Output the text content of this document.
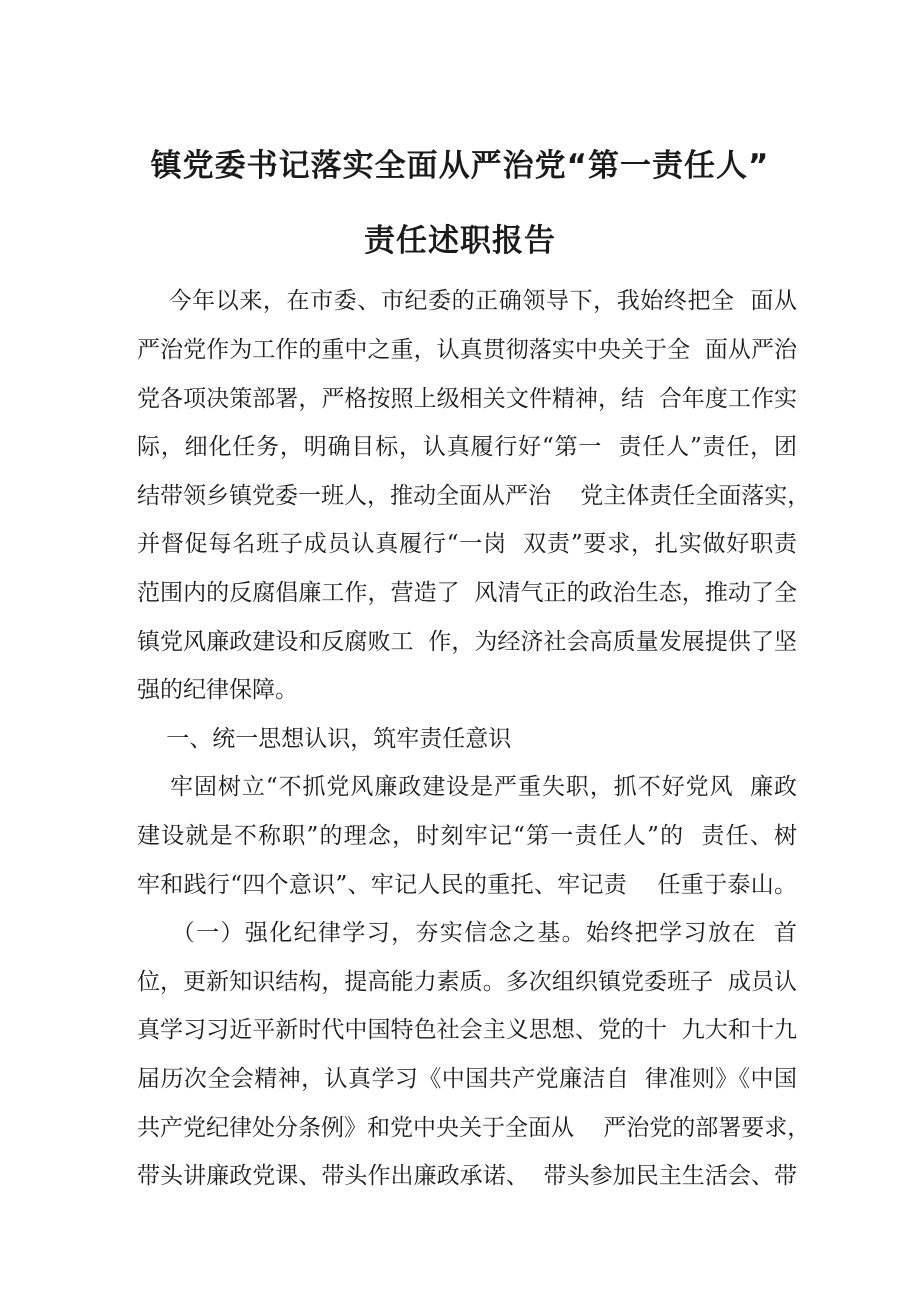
镇党委书记落实全面从严治党“第一责任人”
责任述职报告
今年以来，在市委、市纪委的正确领导下，我始终把全  面从
严治党作为工作的重中之重，认真贯彻落实中央关于全  面从严治
党各项决策部署，严格按照上级相关文件精神，结  合年度工作实
际，细化任务，明确目标，认真履行好“第一  责任人”责任，团
结带领乡镇党委一班人，推动全面从严治    党主体责任全面落实，
并督促每名班子成员认真履行“一岗  双责”要求，扎实做好职责
范围内的反腐倡廉工作，营造了  风清气正的政治生态，推动了全
镇党风廉政建设和反腐败工  作，为经济社会高质量发展提供了坚
强的纪律保障。
一、统一思想认识，筑牢责任意识
牢固树立“不抓党风廉政建设是严重失职，抓不好党风  廉政
建设就是不称职”的理念，时刻牢记“第一责任人”的  责任、树
牢和践行“四个意识”、牢记人民的重托、牢记责    任重于泰山。
（一）强化纪律学习，夯实信念之基。始终把学习放在  首
位，更新知识结构，提高能力素质。多次组织镇党委班子  成员认
真学习习近平新时代中国特色社会主义思想、党的十  九大和十九
届历次全会精神，认真学习《中国共产党廉洁自  律准则》《中国
共产党纪律处分条例》和党中央关于全面从    严治党的部署要求，
带头讲廉政党课、带头作出廉政承诺、  带头参加民主生活会、带
